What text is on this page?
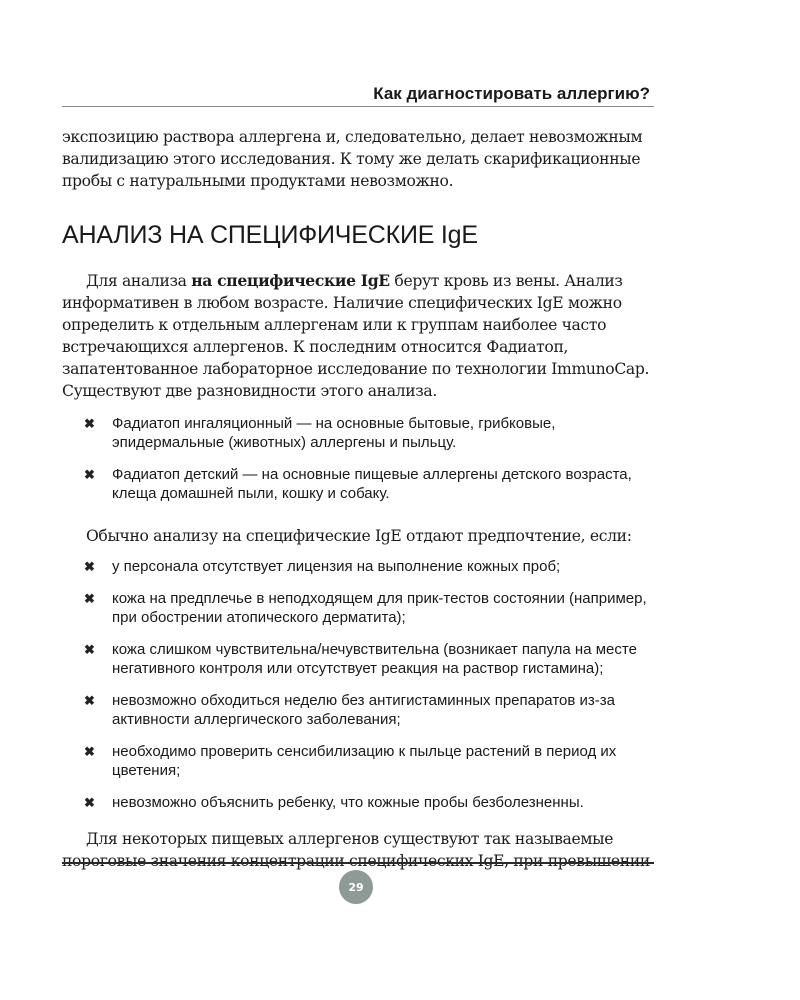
Как диагностировать аллергию?

экспозицию раствора аллергена и, следовательно, делает невозможным валидизацию этого исследования. К тому же делать скарификационные пробы с натуральными продуктами невозможно.

АНАЛИЗ НА СПЕЦИФИЧЕСКИЕ IgE

Для анализа на специфические IgE берут кровь из вены. Анализ информативен в любом возрасте. Наличие специфических IgE можно определить к отдельным аллергенам или к группам наиболее часто встречающихся аллергенов. К последним относится Фадиатоп, запатентованное лабораторное исследование по технологии ImmunoCap. Существуют две разновидности этого анализа.

✖ Фадиатоп ингаляционный — на основные бытовые, грибковые, эпидермальные (животных) аллергены и пыльцу.
✖ Фадиатоп детский — на основные пищевые аллергены детского возраста, клеща домашней пыли, кошку и собаку.

Обычно анализу на специфические IgE отдают предпочтение, если:

✖ у персонала отсутствует лицензия на выполнение кожных проб;
✖ кожа на предплечье в неподходящем для прик-тестов состоянии (например, при обострении атопического дерматита);
✖ кожа слишком чувствительна/нечувствительна (возникает папула на месте негативного контроля или отсутствует реакция на раствор гистамина);
✖ невозможно обходиться неделю без антигистаминных препаратов из-за активности аллергического заболевания;
✖ необходимо проверить сенсибилизацию к пыльце растений в период их цветения;
✖ невозможно объяснить ребенку, что кожные пробы безболезненны.

Для некоторых пищевых аллергенов существуют так называемые пороговые значения концентрации специфических IgE, при превышении

29
